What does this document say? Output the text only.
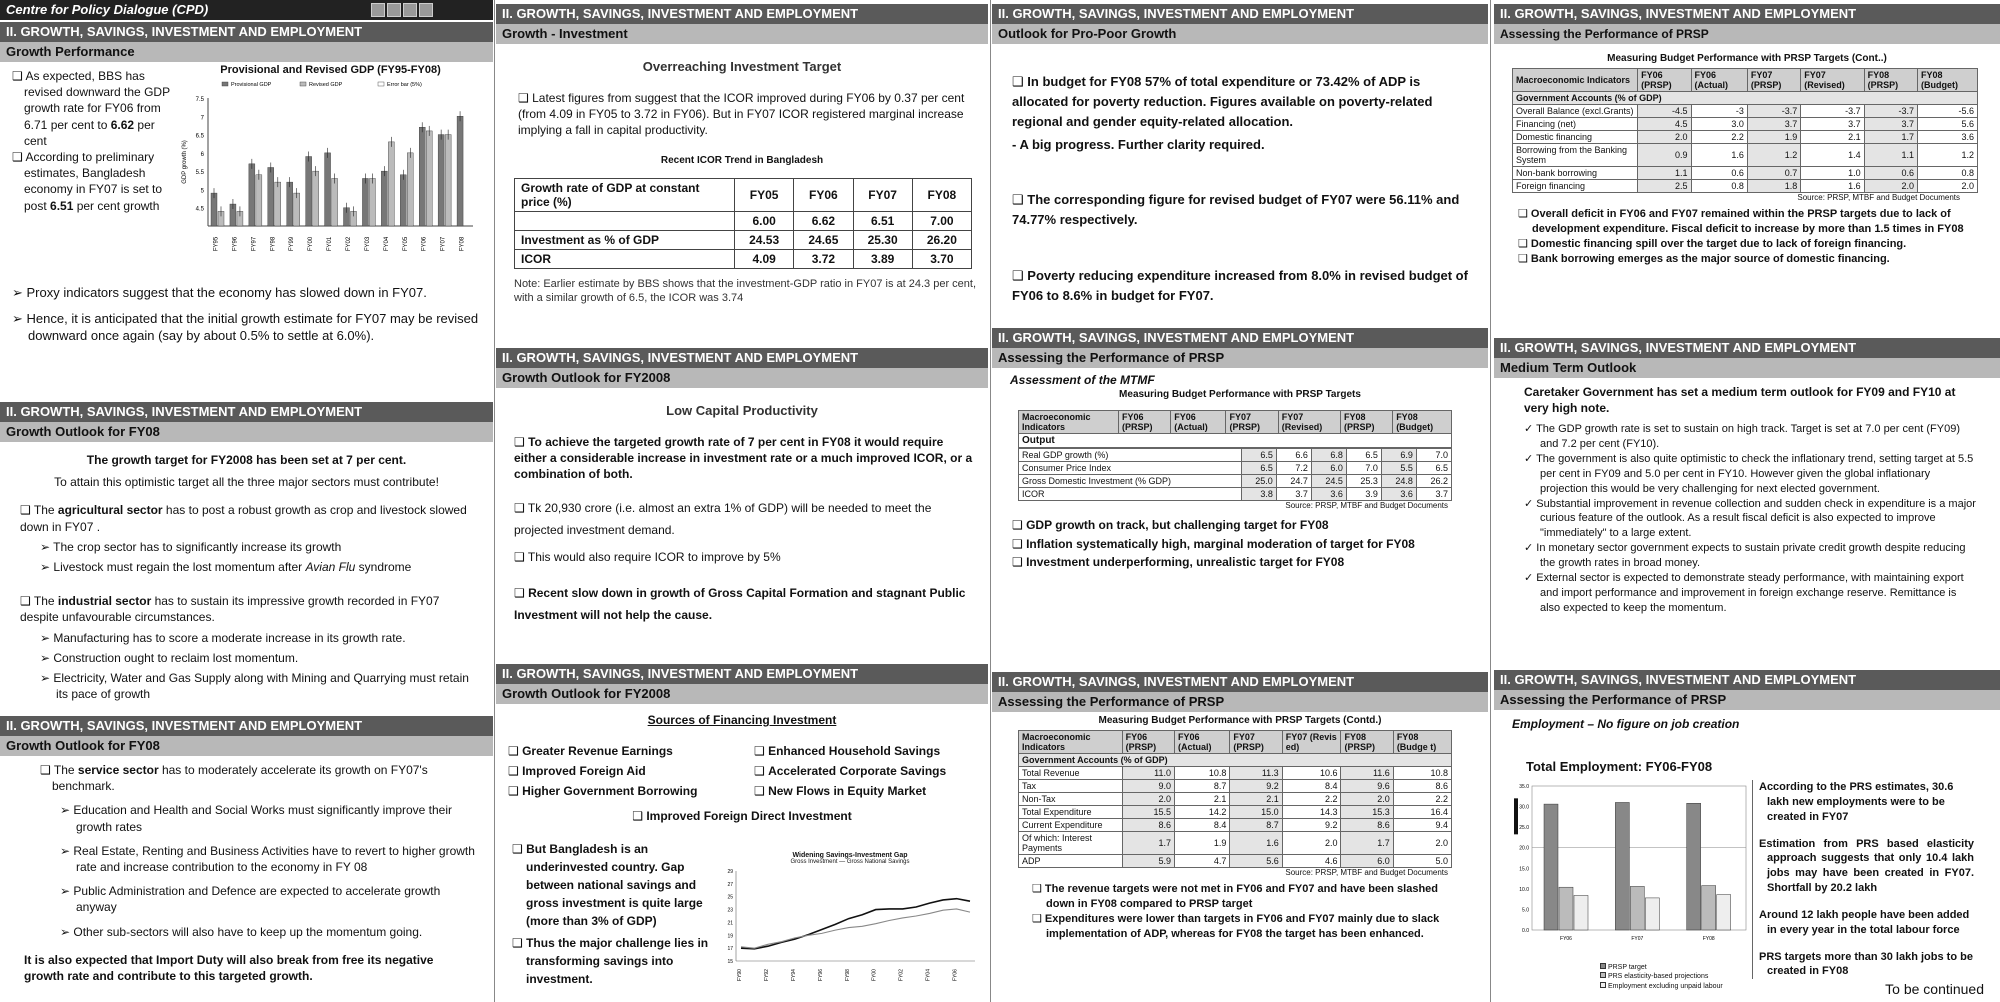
Centre for Policy Dialogue (CPD)
II. GROWTH, SAVINGS, INVESTMENT AND EMPLOYMENT
Growth Performance

❑ As expected, BBS has revised downward the GDP growth rate for FY06 from 6.71 per cent to 6.62 per cent

❑ According to preliminary estimates, Bangladesh economy in FY07 is set to post 6.51 per cent growth

Provisional and Revised GDP (FY95-FY08)
4.5
5
5.5
6
6.5
7
7.5
GDP growth (%)
FY95 FY96 FY97 FY98 FY99 FY00 FY01 FY02 FY03 FY04 FY05 FY06 FY07 FY08
Provisional GDP	Revised GDP	Error bar (5%)

➢ Proxy indicators suggest that the economy has slowed down in FY07.

➢ Hence, it is anticipated that the initial growth estimate for FY07 may be revised downward once again (say by about 0.5% to settle at 6.0%).

II. GROWTH, SAVINGS, INVESTMENT AND EMPLOYMENT
Growth Outlook for FY08

The growth target for FY2008 has been set at 7 per cent.

To attain this optimistic target all the three major sectors must contribute!

❑ The agricultural sector has to post a robust growth as crop and livestock slowed down in FY07 .

➢ The crop sector has to significantly increase its growth

➢ Livestock must regain the lost momentum after Avian Flu syndrome

❑ The industrial sector has to sustain its impressive growth recorded in FY07 despite unfavourable circumstances.

➢ Manufacturing has to score a moderate increase in its growth rate.

➢ Construction ought to reclaim lost momentum.

➢ Electricity, Water and Gas Supply along with Mining and Quarrying must retain its pace of growth

II. GROWTH, SAVINGS, INVESTMENT AND EMPLOYMENT
Growth Outlook for FY08

❑ The service sector has to moderately accelerate its growth on FY07's benchmark.

➢ Education and Health and Social Works must significantly improve their growth rates

➢ Real Estate, Renting and Business Activities have to revert to higher growth rate and increase contribution to the economy in FY 08

➢ Public Administration and Defence are expected to accelerate growth anyway

➢ Other sub-sectors will also have to keep up the momentum going.

It is also expected that Import Duty will also break from free its negative growth rate and contribute to this targeted growth.

II. GROWTH, SAVINGS, INVESTMENT AND EMPLOYMENT
Growth - Investment

Overreaching Investment Target

❑ Latest figures from suggest that the ICOR improved during FY06 by 0.37 per cent (from 4.09 in FY05 to 3.72 in FY06). But in FY07 ICOR registered marginal increase implying a fall in capital productivity.

Recent ICOR Trend in Bangladesh

Growth rate of GDP at constant price (%)	FY05	FY06	FY07	FY08
	6.00	6.62	6.51	7.00
Investment as % of GDP	24.53	24.65	25.30	26.20
ICOR	4.09	3.72	3.89	3.70

Note: Earlier estimate by BBS shows that the investment-GDP ratio in FY07 is at 24.3 per cent, with a similar growth of 6.5, the ICOR was 3.74

II. GROWTH, SAVINGS, INVESTMENT AND EMPLOYMENT
Growth Outlook for FY2008

Low Capital Productivity

❑ To achieve the targeted growth rate of 7 per cent in FY08 it would require either a considerable increase in investment rate or a much improved ICOR, or a combination of both.

❑ Tk 20,930 crore (i.e. almost an extra 1% of GDP) will be needed to meet the projected investment demand.

❑ This would also require ICOR to improve by 5%

❑ Recent slow down in growth of Gross Capital Formation and stagnant Public Investment will not help the cause.

II. GROWTH, SAVINGS, INVESTMENT AND EMPLOYMENT
Growth Outlook for FY2008

Sources of Financing Investment

❑ Greater Revenue Earnings	❑ Enhanced Household Savings
❑ Improved Foreign Aid	❑ Accelerated Corporate Savings
❑ Higher Government Borrowing	❑ New Flows in Equity Market

❑ Improved Foreign Direct Investment

❑ But Bangladesh is an underinvested country. Gap between national savings and gross investment is quite large (more than 3% of GDP)

❑ Thus the major challenge lies in transforming savings into investment.

Widening Savings-Investment Gap
Gross Investment — Gross National Savings
15
17
19
21
23
25
27
29
FY90	FY92	FY94	FY96	FY98	FY00	FY02	FY04	FY06
II. GROWTH, SAVINGS, INVESTMENT AND EMPLOYMENT
Outlook for Pro-Poor Growth

❑ In budget for FY08 57% of total expenditure or 73.42% of ADP is allocated for poverty reduction. Figures available on poverty-related regional and gender equity-related allocation.

- A big progress. Further clarity required.

❑ The corresponding figure for revised budget of FY07 were 56.11% and 74.77% respectively.

❑ Poverty reducing expenditure increased from 8.0% in revised budget of FY06 to 8.6% in budget for FY07.

II. GROWTH, SAVINGS, INVESTMENT AND EMPLOYMENT
Assessing the Performance of PRSP

Assessment of the MTMF

Measuring Budget Performance with PRSP Targets

Macroeconomic Indicators	FY06 (PRSP)	FY06 (Actual)	FY07 (PRSP)	FY07 (Revised)	FY08 (PRSP)	FY08 (Budget)
Output
Real GDP growth (%)	6.5	6.6	6.8	6.5	6.9	7.0
Consumer Price Index	6.5	7.2	6.0	7.0	5.5	6.5
Gross Domestic Investment (% GDP)	25.0	24.7	24.5	25.3	24.8	26.2
ICOR	3.8	3.7	3.6	3.9	3.6	3.7

Source: PRSP, MTBF and Budget Documents

❑ GDP growth on track, but challenging target for FY08

❑ Inflation systematically high, marginal moderation of target for FY08

❑ Investment underperforming, unrealistic target for FY08

II. GROWTH, SAVINGS, INVESTMENT AND EMPLOYMENT
Assessing the Performance of PRSP

Measuring Budget Performance with PRSP Targets (Contd.)

Macroeconomic Indicators	FY06 (PRSP)	FY06 (Actual)	FY07 (PRSP)	FY07 (Revis ed)	FY08 (PRSP)	FY08 (Budge t)
Government Accounts (% of GDP)						
Total Revenue	11.0	10.8	11.3	10.6	11.6	10.8
Tax	9.0	8.7	9.2	8.4	9.6	8.6
Non-Tax	2.0	2.1	2.1	2.2	2.0	2.2
Total Expenditure	15.5	14.2	15.0	14.3	15.3	16.4
Current Expenditure	8.6	8.4	8.7	9.2	8.6	9.4
Of which: Interest Payments	1.7	1.9	1.6	2.0	1.7	2.0
ADP	5.9	4.7	5.6	4.6	6.0	5.0

Source: PRSP, MTBF and Budget Documents

❑ The revenue targets were not met in FY06 and FY07 and have been slashed down in FY08 compared to PRSP target

❑ Expenditures were lower than targets in FY06 and FY07 mainly due to slack implementation of ADP, whereas for FY08 the target has been enhanced.

II. GROWTH, SAVINGS, INVESTMENT AND EMPLOYMENT
Assessing the Performance of PRSP

Measuring Budget Performance with PRSP Targets (Cont..)

Macroeconomic Indicators	FY06 (PRSP)	FY06 (Actual)	FY07 (PRSP)	FY07 (Revised)	FY08 (PRSP)	FY08 (Budget)
Government Accounts (% of GDP)						
Overall Balance (excl.Grants)	-4.5	-3	-3.7	-3.7	-3.7	-5.6
Financing (net)	4.5	3.0	3.7	3.7	3.7	5.6
Domestic financing	2.0	2.2	1.9	2.1	1.7	3.6
Borrowing from the Banking System	0.9	1.6	1.2	1.4	1.1	1.2
Non-bank borrowing	1.1	0.6	0.7	1.0	0.6	0.8
Foreign financing	2.5	0.8	1.8	1.6	2.0	2.0

Source: PRSP, MTBF and Budget Documents

❑ Overall deficit in FY06 and FY07 remained within the PRSP targets due to lack of development expenditure. Fiscal deficit to increase by more than 1.5 times in FY08

❑ Domestic financing spill over the target due to lack of foreign financing.

❑ Bank borrowing emerges as the major source of domestic financing.

II. GROWTH, SAVINGS, INVESTMENT AND EMPLOYMENT
Medium Term Outlook

Caretaker Government has set a medium term outlook for FY09 and FY10 at very high note.

✓ The GDP growth rate is set to sustain on high track. Target is set at 7.0 per cent (FY09) and 7.2 per cent (FY10).

✓ The government is also quite optimistic to check the inflationary trend, setting target at 5.5 per cent in FY09 and 5.0 per cent in FY10. However given the global inflationary projection this would be very challenging for next elected government.

✓ Substantial improvement in revenue collection and sudden check in expenditure is a major curious feature of the outlook. As a result fiscal deficit is also expected to improve "immediately" to a large extent.

✓ In monetary sector government expects to sustain private credit growth despite reducing the growth rates in broad money.

✓ External sector is expected to demonstrate steady performance, with maintaining export and import performance and improvement in foreign exchange reserve. Remittance is also expected to keep the momentum.

II. GROWTH, SAVINGS, INVESTMENT AND EMPLOYMENT
Assessing the Performance of PRSP

Employment – No figure on job creation

Total Employment: FY06-FY08

0.0
5.0
10.0
15.0
20.0
25.0
30.0
35.0
FY06	FY07	FY08
PRSP target
PRS elasticity-based projections
Employment excluding unpaid labour

According to the PRS estimates, 30.6 lakh new employments were to be created in FY07

Estimation from PRS based elasticity approach suggests that only 10.4 lakh jobs may have been created in FY07. Shortfall by 20.2 lakh

Around 12 lakh people have been added in every year in the total labour force

PRS targets more than 30 lakh jobs to be created in FY08

To be continued
